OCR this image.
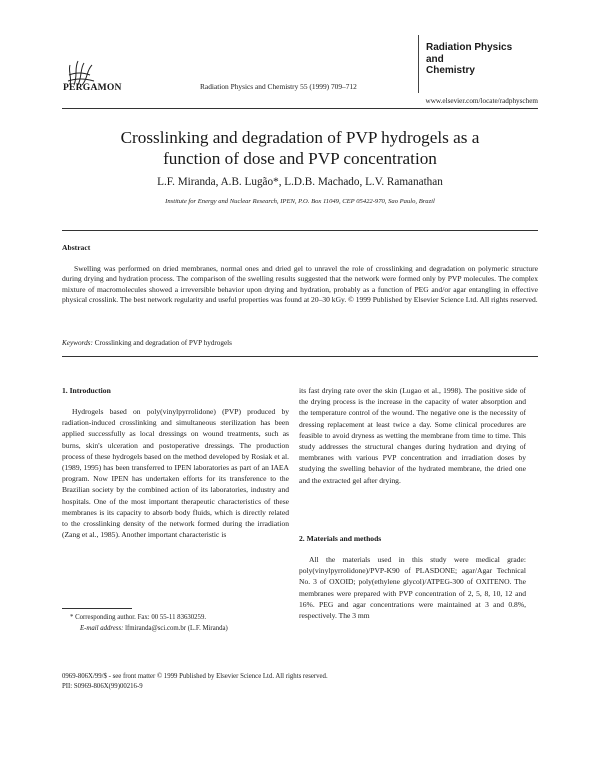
PERGAMON	Radiation Physics and Chemistry 55 (1999) 709–712
Radiation Physics
and
Chemistry
www.elsevier.com/locate/radphyschem
Crosslinking and degradation of PVP hydrogels as a
function of dose and PVP concentration
L.F. Miranda, A.B. Lugão*, L.D.B. Machado, L.V. Ramanathan
Institute for Energy and Nuclear Research, IPEN, P.O. Box 11049, CEP 05422-970, Sao Paulo, Brazil
Abstract
Swelling was performed on dried membranes, normal ones and dried gel to unravel the role of crosslinking and degradation on polymeric structure during drying and hydration process. The comparison of the swelling results suggested that the network were formed only by PVP molecules. The complex mixture of macromolecules showed a irreversible behavior upon drying and hydration, probably as a function of PEG and/or agar entangling in effective physical crosslink. The best network regularity and useful properties was found at 20–30 kGy. © 1999 Published by Elsevier Science Ltd. All rights reserved.
Keywords: Crosslinking and degradation of PVP hydrogels
1. Introduction

Hydrogels based on poly(vinylpyrrolidone) (PVP) produced by radiation-induced crosslinking and simultaneous sterilization has been applied successfully as local dressings on wound treatments, such as burns, skin's ulceration and postoperative dressings. The production process of these hydrogels based on the method developed by Rosiak et al. (1989, 1995) has been transferred to IPEN laboratories as part of an IAEA program. Now IPEN has undertaken efforts for its transference to the Brazilian society by the combined action of its laboratories, industry and hospitals. One of the most important therapeutic characteristics of these membranes is its capacity to absorb body fluids, which is directly related to the crosslinking density of the network formed during the irradiation (Zang et al., 1985). Another important characteristic is

its fast drying rate over the skin (Lugao et al., 1998). The positive side of the drying process is the increase in the capacity of water absorption and the temperature control of the wound. The negative one is the necessity of dressing replacement at least twice a day. Some clinical procedures are feasible to avoid dryness as wetting the membrane from time to time. This study addresses the structural changes during hydration and drying of membranes with various PVP concentration and irradiation doses by studying the swelling behavior of the hydrated membrane, the dried one and the extracted gel after drying.

2. Materials and methods

All the materials used in this study were medical grade: poly(vinylpyrrolidone)/PVP-K90 of PLASDONE; agar/Agar Technical No. 3 of OXOID; poly(ethylene glycol)/ATPEG-300 of OXITENO. The membranes were prepared with PVP concentration of 2, 5, 8, 10, 12 and 16%. PEG and agar concentrations were maintained at 3 and 0.8%, respectively. The 3 mm

* Corresponding author. Fax: 00 55-11 83630259.
E-mail address: lfmiranda@sci.com.br (L.F. Miranda)
0969-806X/99/$ - see front matter © 1999 Published by Elsevier Science Ltd. All rights reserved.
PII: S0969-806X(99)00216-9
